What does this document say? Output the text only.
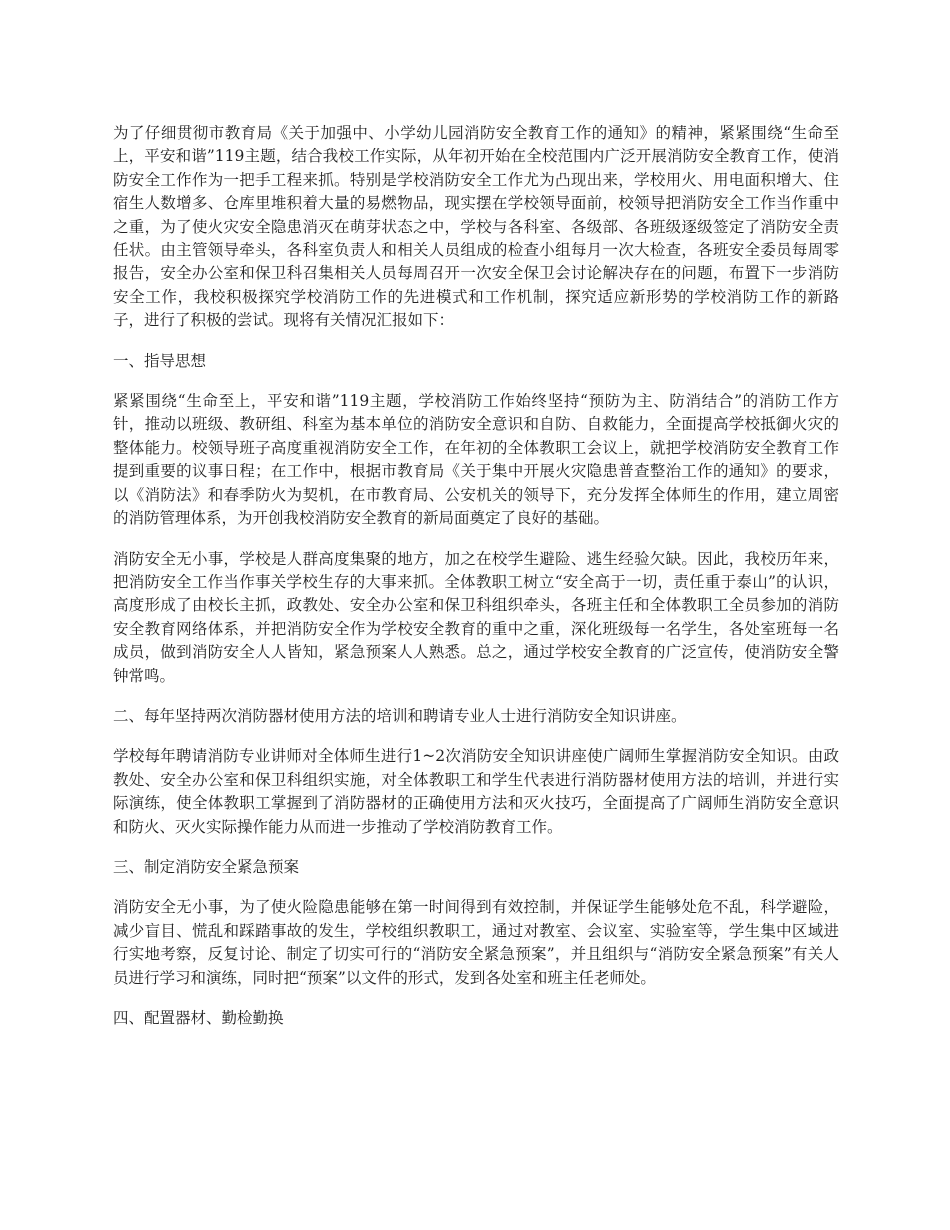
为了仔细贯彻市教育局《关于加强中、小学幼儿园消防安全教育工作的通知》的精神，紧紧围绕“生命至上，平安和谐”119主题，结合我校工作实际，从年初开始在全校范围内广泛开展消防安全教育工作，使消防安全工作作为一把手工程来抓。特别是学校消防安全工作尤为凸现出来，学校用火、用电面积增大、住宿生人数增多、仓库里堆积着大量的易燃物品，现实摆在学校领导面前，校领导把消防安全工作当作重中之重，为了使火灾安全隐患消灭在萌芽状态之中，学校与各科室、各级部、各班级逐级签定了消防安全责任状。由主管领导牵头，各科室负责人和相关人员组成的检查小组每月一次大检查，各班安全委员每周零报告，安全办公室和保卫科召集相关人员每周召开一次安全保卫会讨论解决存在的问题，布置下一步消防安全工作，我校积极探究学校消防工作的先进模式和工作机制，探究适应新形势的学校消防工作的新路子，进行了积极的尝试。现将有关情况汇报如下：

一、指导思想

紧紧围绕“生命至上，平安和谐”119主题，学校消防工作始终坚持“预防为主、防消结合”的消防工作方针，推动以班级、教研组、科室为基本单位的消防安全意识和自防、自救能力，全面提高学校抵御火灾的整体能力。校领导班子高度重视消防安全工作，在年初的全体教职工会议上，就把学校消防安全教育工作提到重要的议事日程；在工作中，根据市教育局《关于集中开展火灾隐患普查整治工作的通知》的要求，以《消防法》和春季防火为契机，在市教育局、公安机关的领导下，充分发挥全体师生的作用，建立周密的消防管理体系，为开创我校消防安全教育的新局面奠定了良好的基础。

消防安全无小事，学校是人群高度集聚的地方，加之在校学生避险、逃生经验欠缺。因此，我校历年来，把消防安全工作当作事关学校生存的大事来抓。全体教职工树立“安全高于一切，责任重于泰山”的认识，高度形成了由校长主抓，政教处、安全办公室和保卫科组织牵头，各班主任和全体教职工全员参加的消防安全教育网络体系，并把消防安全作为学校安全教育的重中之重，深化班级每一名学生，各处室班每一名成员，做到消防安全人人皆知，紧急预案人人熟悉。总之，通过学校安全教育的广泛宣传，使消防安全警钟常鸣。

二、每年坚持两次消防器材使用方法的培训和聘请专业人士进行消防安全知识讲座。

学校每年聘请消防专业讲师对全体师生进行1~2次消防安全知识讲座使广阔师生掌握消防安全知识。由政教处、安全办公室和保卫科组织实施，对全体教职工和学生代表进行消防器材使用方法的培训，并进行实际演练，使全体教职工掌握到了消防器材的正确使用方法和灭火技巧，全面提高了广阔师生消防安全意识和防火、灭火实际操作能力从而进一步推动了学校消防教育工作。

三、制定消防安全紧急预案

消防安全无小事，为了使火险隐患能够在第一时间得到有效控制，并保证学生能够处危不乱，科学避险，减少盲目、慌乱和踩踏事故的发生，学校组织教职工，通过对教室、会议室、实验室等，学生集中区域进行实地考察，反复讨论、制定了切实可行的“消防安全紧急预案”，并且组织与“消防安全紧急预案”有关人员进行学习和演练，同时把“预案”以文件的形式，发到各处室和班主任老师处。

四、配置器材、勤检勤换
